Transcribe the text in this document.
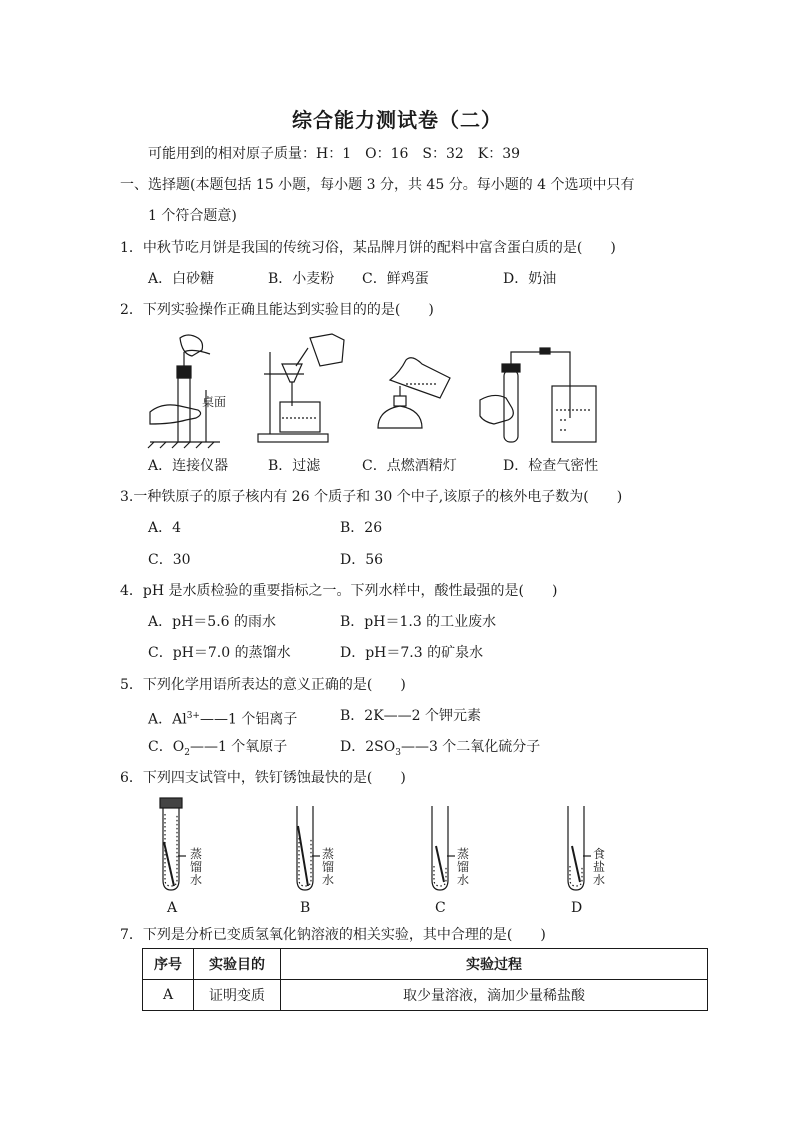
综合能力测试卷（二）
可能用到的相对原子质量：H：1　O：16　S：32　K：39
一、选择题(本题包括 15 小题，每小题 3 分，共 45 分。每小题的 4 个选项中只有
1 个符合题意)
1．中秋节吃月饼是我国的传统习俗，某品牌月饼的配料中富含蛋白质的是(　　)
A．白砂糖	B．小麦粉 C．鲜鸡蛋	D．奶油
2．下列实验操作正确且能达到实验目的的是(　　)
桌面
A．连接仪器	B．过滤	C．点燃酒精灯	D．检查气密性
3.一种铁原子的原子核内有 26 个质子和 30 个中子,该原子的核外电子数为(　　)
A．4	B．26
C．30	D．56
4．pH 是水质检验的重要指标之一。下列水样中，酸性最强的是(　　)
A．pH＝5.6 的雨水	B．pH＝1.3 的工业废水
C．pH＝7.0 的蒸馏水	D．pH＝7.3 的矿泉水
5．下列化学用语所表达的意义正确的是(　　)
A．$Al^{3+}——1$ 个铝离子	B．2K——2 个钾元素
C．$O_2——1$ 个氧原子	D．$2SO_3——3$ 个二氧化硫分子
6．下列四支试管中，铁钉锈蚀最快的是(　　)
蒸
馏
水
蒸
馏
水
蒸
馏
水
食
盐
水
A	B	C	D
7．下列是分析已变质氢氧化钠溶液的相关实验，其中合理的是(　　)
序号	实验目的	实验过程
A	证明变质	取少量溶液，滴加少量稀盐酸
